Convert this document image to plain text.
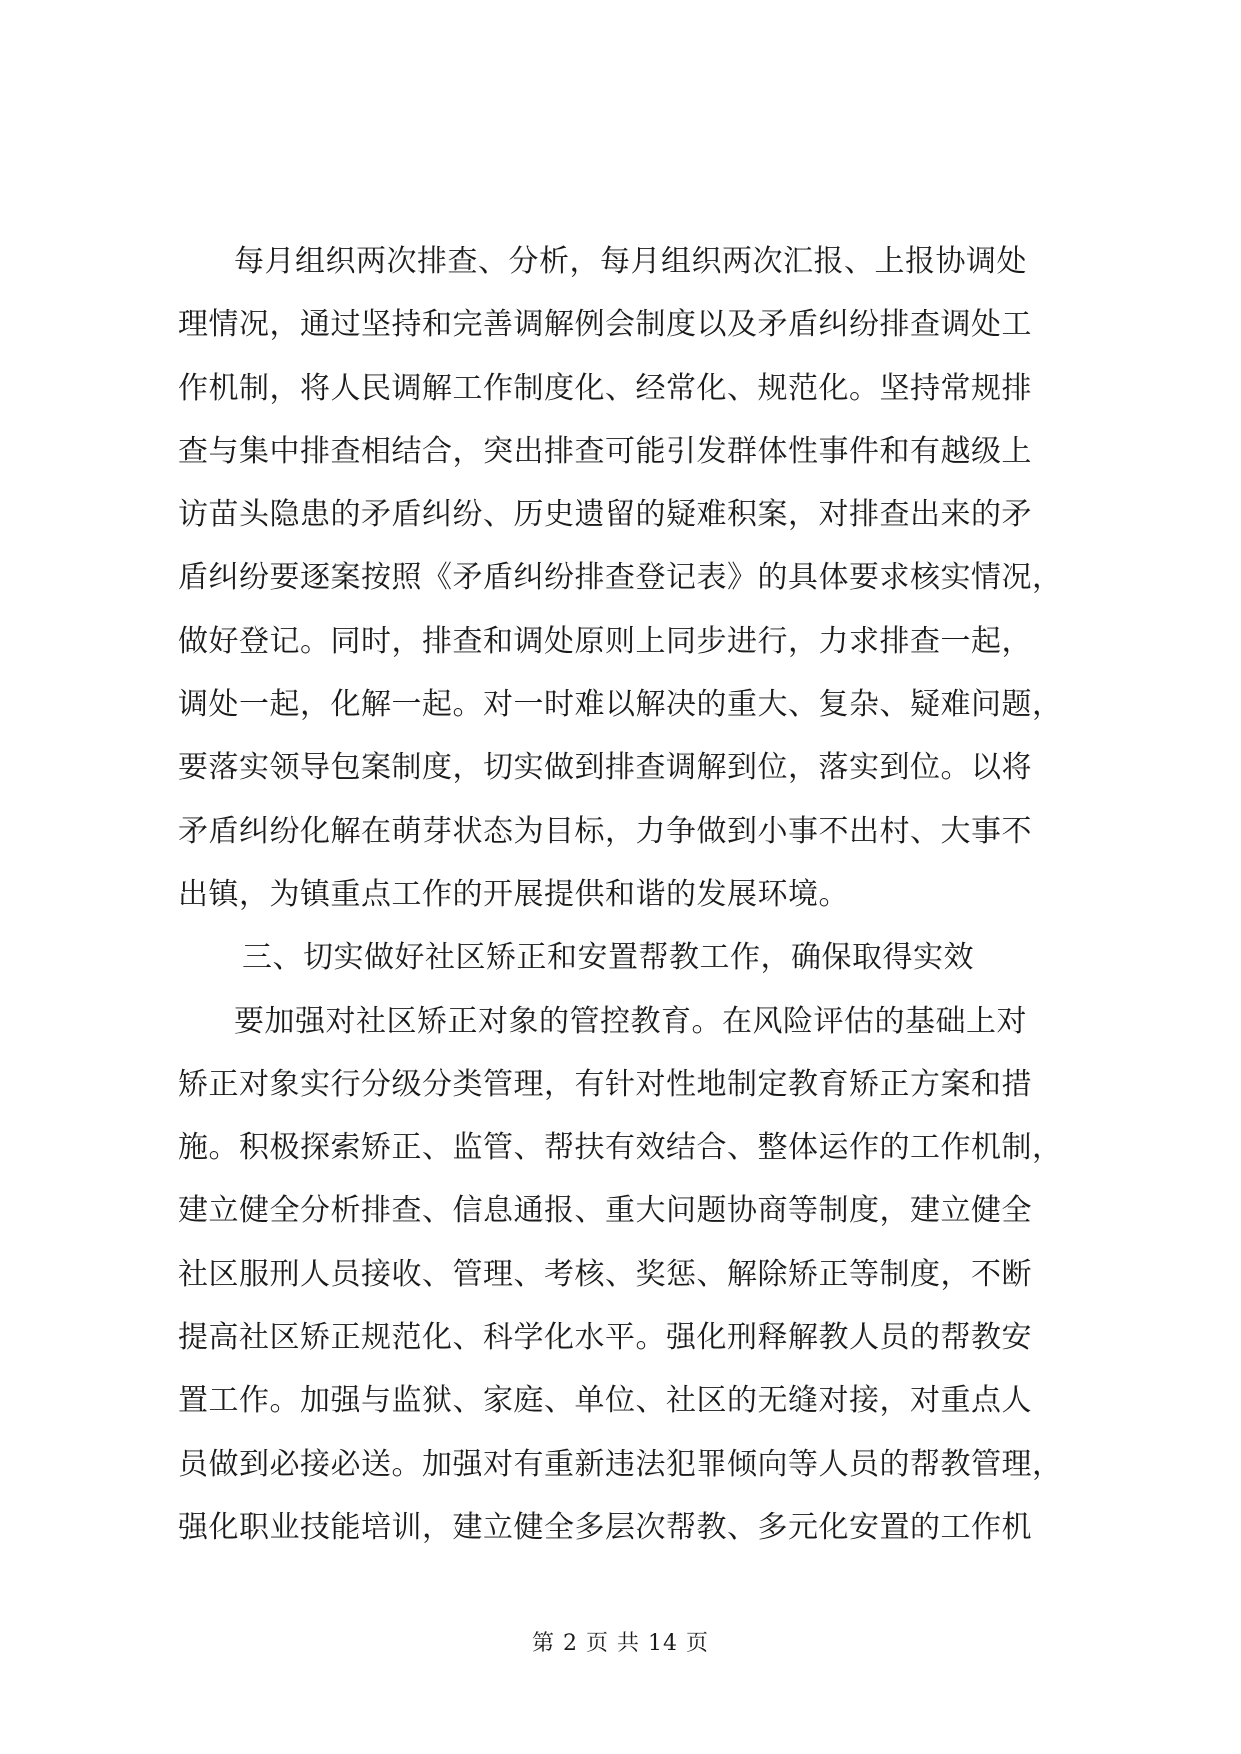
每月组织两次排查、分析，每月组织两次汇报、上报协调处
理情况，通过坚持和完善调解例会制度以及矛盾纠纷排查调处工
作机制，将人民调解工作制度化、经常化、规范化。坚持常规排
查与集中排查相结合，突出排查可能引发群体性事件和有越级上
访苗头隐患的矛盾纠纷、历史遗留的疑难积案，对排查出来的矛
盾纠纷要逐案按照《矛盾纠纷排查登记表》的具体要求核实情况，
做好登记。同时，排查和调处原则上同步进行，力求排查一起，
调处一起，化解一起。对一时难以解决的重大、复杂、疑难问题，
要落实领导包案制度，切实做到排查调解到位，落实到位。以将
矛盾纠纷化解在萌芽状态为目标，力争做到小事不出村、大事不
出镇，为镇重点工作的开展提供和谐的发展环境。
三、切实做好社区矫正和安置帮教工作，确保取得实效
要加强对社区矫正对象的管控教育。在风险评估的基础上对
矫正对象实行分级分类管理，有针对性地制定教育矫正方案和措
施。积极探索矫正、监管、帮扶有效结合、整体运作的工作机制，
建立健全分析排查、信息通报、重大问题协商等制度，建立健全
社区服刑人员接收、管理、考核、奖惩、解除矫正等制度，不断
提高社区矫正规范化、科学化水平。强化刑释解教人员的帮教安
置工作。加强与监狱、家庭、单位、社区的无缝对接，对重点人
员做到必接必送。加强对有重新违法犯罪倾向等人员的帮教管理，
强化职业技能培训，建立健全多层次帮教、多元化安置的工作机
第 2 页 共 14 页
